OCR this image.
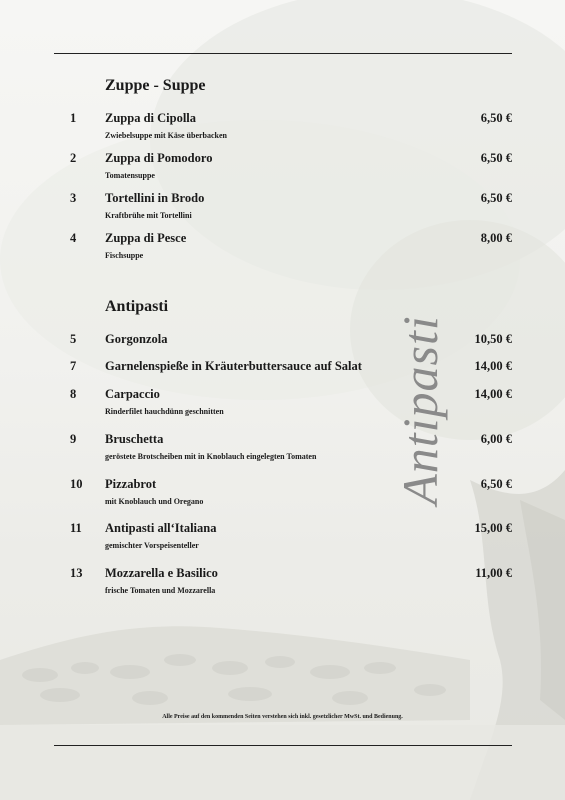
Zuppe - Suppe
1 Zuppa di Cipolla
Zwiebelsuppe mit Käse überbacken
6,50 €
2 Zuppa di Pomodoro
Tomatensuppe
6,50 €
3 Tortellini in Brodo
Kraftbrühe mit Tortellini
6,50 €
4 Zuppa di Pesce
Fischsuppe
8,00 €
Antipasti
5 Gorgonzola	10,50 €
7 Garnelenspieße in Kräuterbuttersauce auf Salat	14,00 €
8 Carpaccio
Rinderfilet hauchdünn geschnitten
14,00 €
9 Bruschetta
geröstete Brotscheiben mit in Knoblauch eingelegten Tomaten
6,00 €
10 Pizzabrot
mit Knoblauch und Oregano
6,50 €
11 Antipasti all‘Italiana
gemischter Vorspeisenteller
15,00 €
13 Mozzarella e Basilico
frische Tomaten und Mozzarella
11,00 €
Antipasti
Alle Preise auf den kommenden Seiten verstehen sich inkl. gesetzlicher MwSt. und Bedienung.
